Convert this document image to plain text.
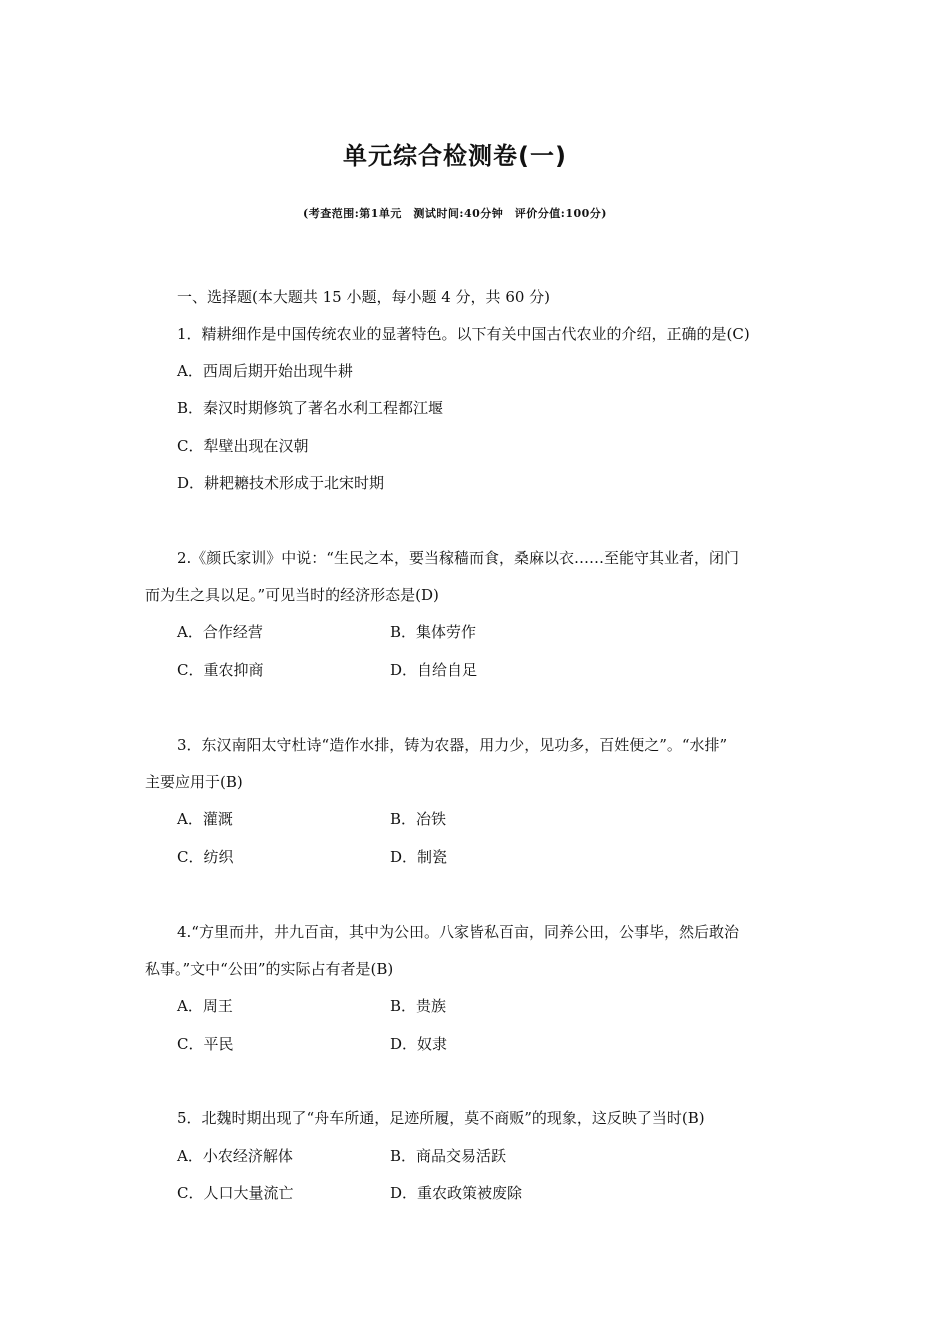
单元综合检测卷(一)
(考查范围:第1单元　测试时间:40分钟　评价分值:100分)
一、选择题(本大题共 15 小题，每小题 4 分，共 60 分)
1．精耕细作是中国传统农业的显著特色。以下有关中国古代农业的介绍，正确的是(C)
A．西周后期开始出现牛耕
B．秦汉时期修筑了著名水利工程都江堰
C．犁壁出现在汉朝
D．耕耙耱技术形成于北宋时期
2.《颜氏家训》中说：“生民之本，要当稼穑而食，桑麻以衣……至能守其业者，闭门
而为生之具以足。”可见当时的经济形态是(D)
A．合作经营	B．集体劳作
C．重农抑商	D．自给自足
3．东汉南阳太守杜诗“造作水排，铸为农器，用力少，见功多，百姓便之”。“水排”
主要应用于(B)
A．灌溉	B．冶铁
C．纺织	D．制瓷
4.“方里而井，井九百亩，其中为公田。八家皆私百亩，同养公田，公事毕，然后敢治
私事。”文中“公田”的实际占有者是(B)
A．周王	B．贵族
C．平民	D．奴隶
5．北魏时期出现了“舟车所通，足迹所履，莫不商贩”的现象，这反映了当时(B)
A．小农经济解体	B．商品交易活跃
C．人口大量流亡	D．重农政策被废除
